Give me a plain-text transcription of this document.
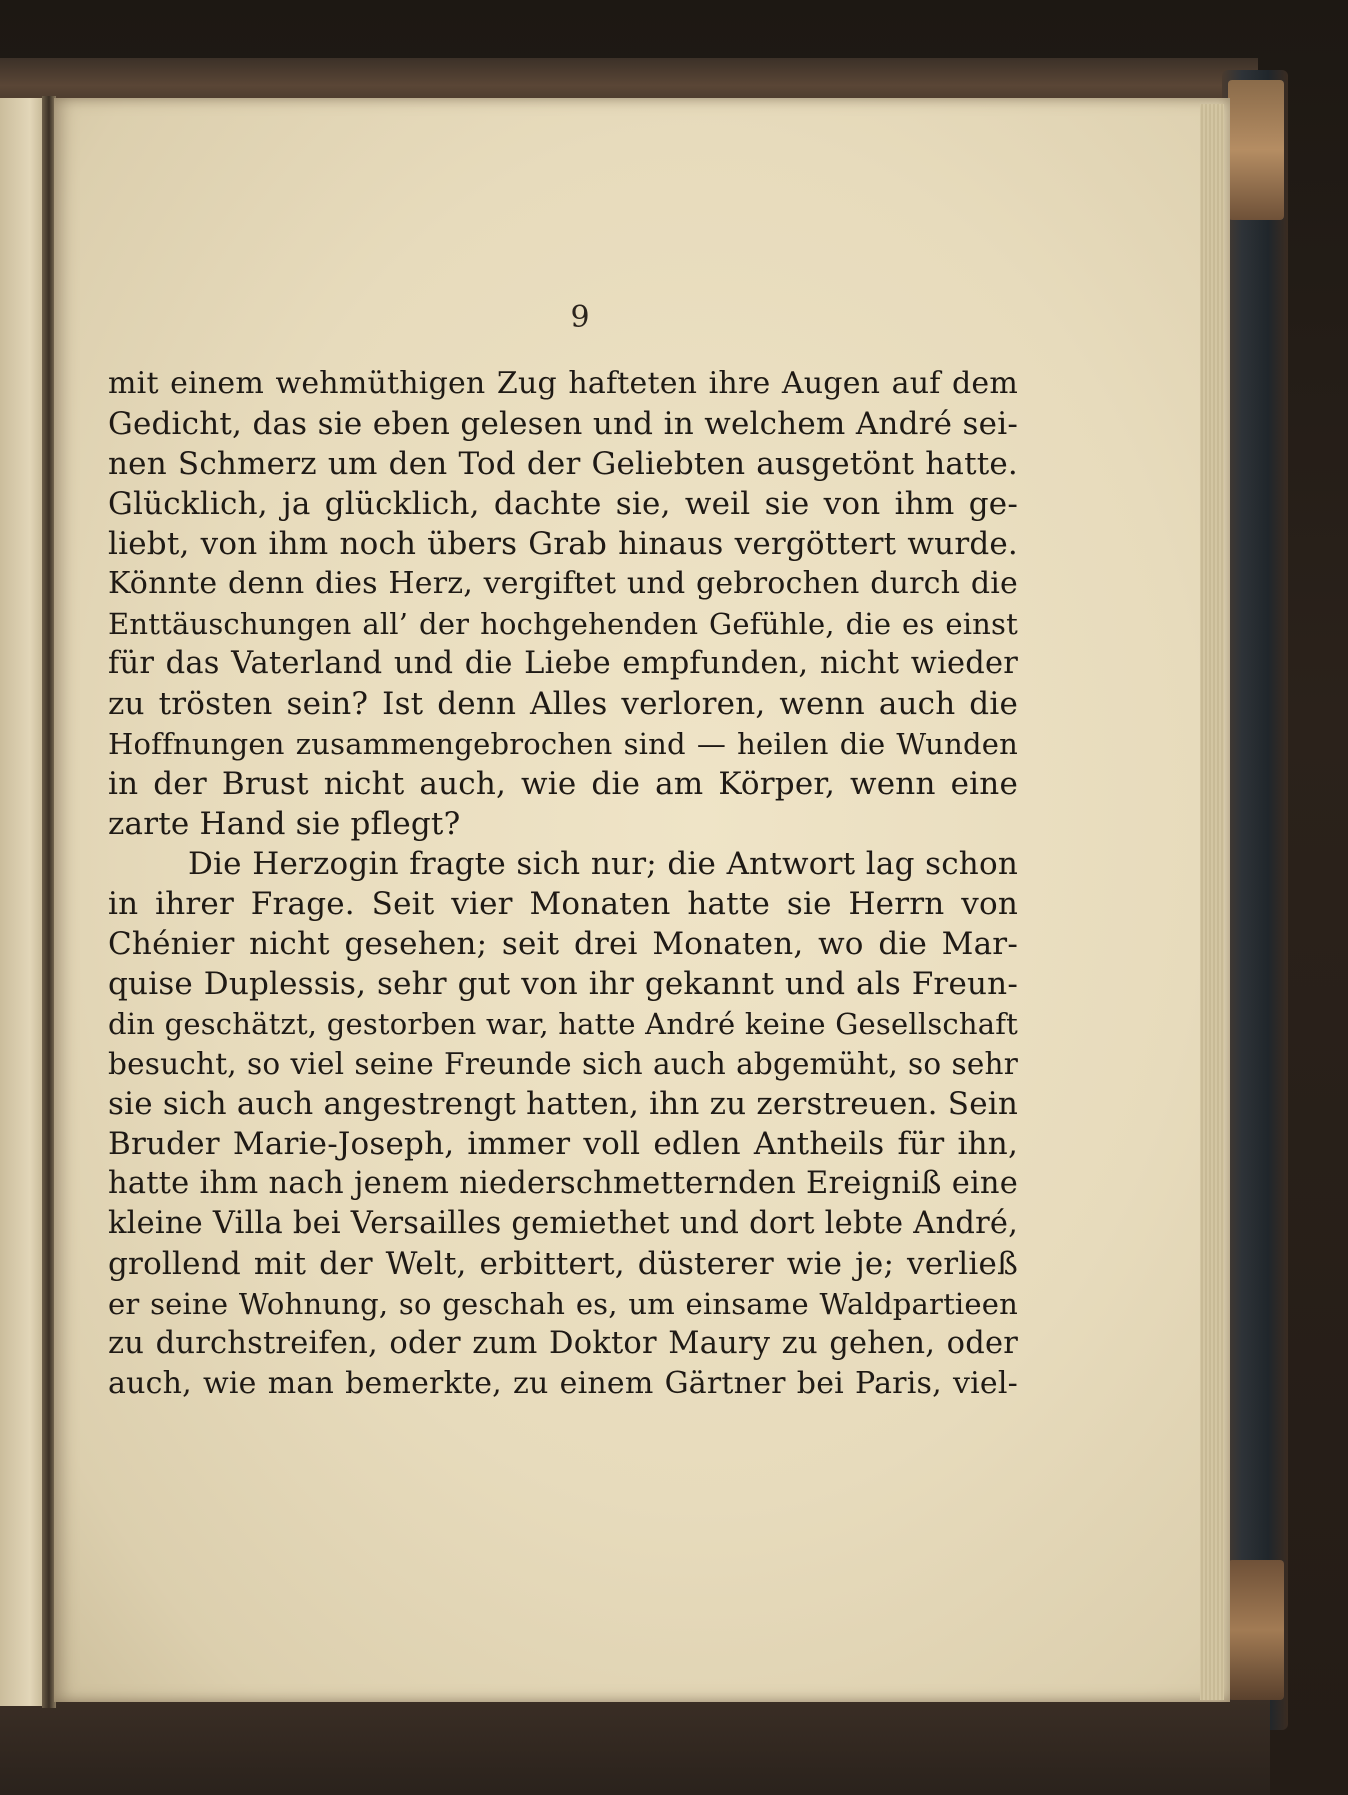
9
mit einem wehmüthigen Zug hafteten ihre Augen auf dem
Gedicht, das sie eben gelesen und in welchem André sei-
nen Schmerz um den Tod der Geliebten ausgetönt hatte.
Glücklich, ja glücklich, dachte sie, weil sie von ihm ge-
liebt, von ihm noch übers Grab hinaus vergöttert wurde.
Könnte denn dies Herz, vergiftet und gebrochen durch die
Enttäuschungen all’ der hochgehenden Gefühle, die es einst
für das Vaterland und die Liebe empfunden, nicht wieder
zu trösten sein? Ist denn Alles verloren, wenn auch die
Hoffnungen zusammengebrochen sind — heilen die Wunden
in der Brust nicht auch, wie die am Körper, wenn eine
zarte Hand sie pflegt?
Die Herzogin fragte sich nur; die Antwort lag schon
in ihrer Frage. Seit vier Monaten hatte sie Herrn von
Chénier nicht gesehen; seit drei Monaten, wo die Mar-
quise Duplessis, sehr gut von ihr gekannt und als Freun-
din geschätzt, gestorben war, hatte André keine Gesellschaft
besucht, so viel seine Freunde sich auch abgemüht, so sehr
sie sich auch angestrengt hatten, ihn zu zerstreuen. Sein
Bruder Marie-Joseph, immer voll edlen Antheils für ihn,
hatte ihm nach jenem niederschmetternden Ereigniß eine
kleine Villa bei Versailles gemiethet und dort lebte André,
grollend mit der Welt, erbittert, düsterer wie je; verließ
er seine Wohnung, so geschah es, um einsame Waldpartieen
zu durchstreifen, oder zum Doktor Maury zu gehen, oder
auch, wie man bemerkte, zu einem Gärtner bei Paris, viel-
